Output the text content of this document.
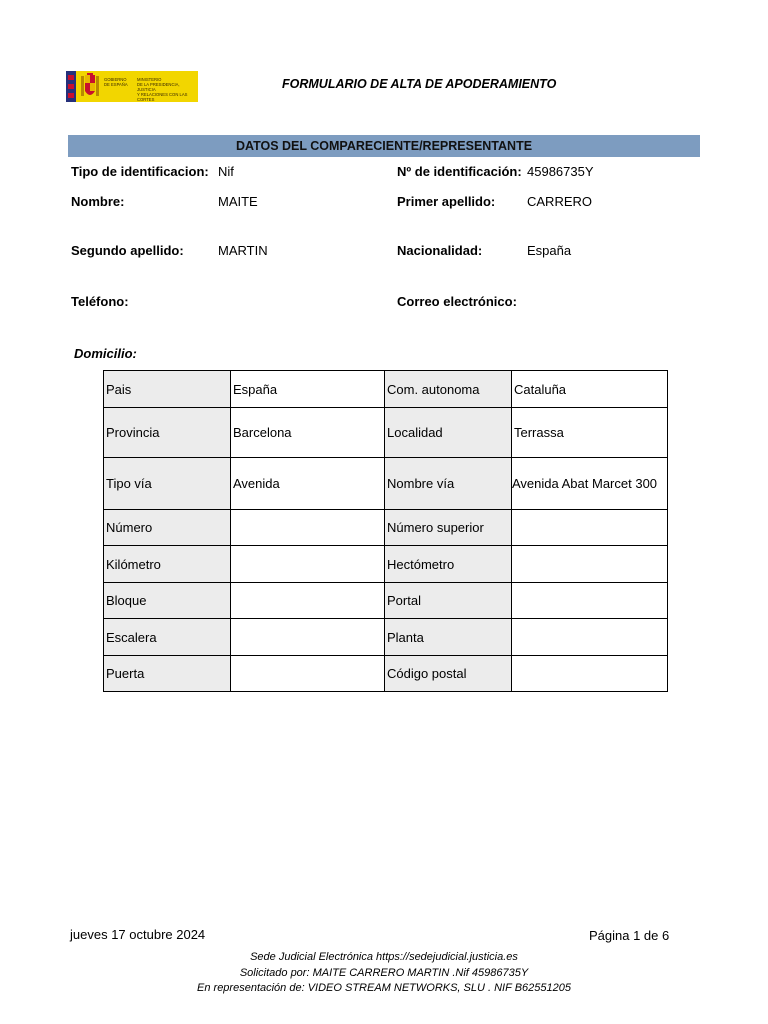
GOBIERNO
DE ESPAÑA
MINISTERIO
DE LA PRESIDENCIA, JUSTICIA
Y RELACIONES CON LAS CORTES
FORMULARIO DE ALTA DE APODERAMIENTO
DATOS DEL COMPARECIENTE/REPRESENTANTE
Tipo de identificacion: Nif	Nº de identificación: 45986735Y
Nombre:	MAITE	Primer apellido: CARRERO
Segundo apellido:	MARTIN	Nacionalidad:	España
Teléfono:	Correo electrónico:
Domicilio:
Pais	España	Com. autonoma	Cataluña
Provincia	Barcelona	Localidad	Terrassa
Tipo vía	Avenida	Nombre vía	Avenida Abat Marcet 300
Número		Número superior	
Kilómetro		Hectómetro	
Bloque		Portal	
Escalera		Planta	
Puerta		Código postal	
jueves 17 octubre 2024	Página 1 de 6
Sede Judicial Electrónica https://sedejudicial.justicia.es
Solicitado por: MAITE CARRERO MARTIN .Nif 45986735Y
En representación de: VIDEO STREAM NETWORKS, SLU . NIF B62551205
